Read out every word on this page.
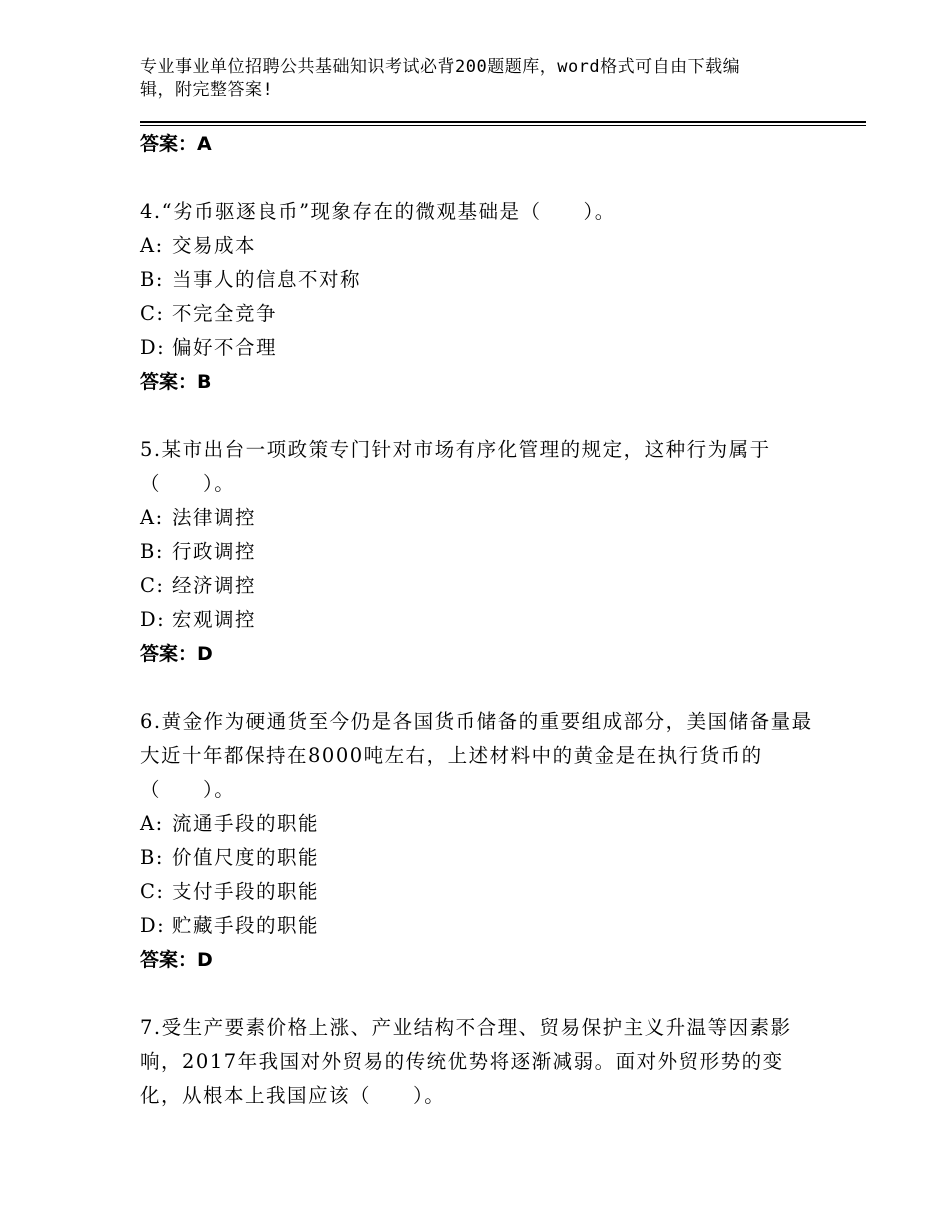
专业事业单位招聘公共基础知识考试必背200题题库，word格式可自由下载编
辑，附完整答案!
答案：A
4.“劣币驱逐良币”现象存在的微观基础是（　　）。
A: 交易成本
B: 当事人的信息不对称
C: 不完全竞争
D: 偏好不合理
答案：B
5.某市出台一项政策专门针对市场有序化管理的规定，这种行为属于（　　）。
A: 法律调控
B: 行政调控
C: 经济调控
D: 宏观调控
答案：D
6.黄金作为硬通货至今仍是各国货币储备的重要组成部分，美国储备量最大近十年都保持在8000吨左右，上述材料中的黄金是在执行货币的（　　）。
A: 流通手段的职能
B: 价值尺度的职能
C: 支付手段的职能
D: 贮藏手段的职能
答案：D
7.受生产要素价格上涨、产业结构不合理、贸易保护主义升温等因素影响，2017年我国对外贸易的传统优势将逐渐减弱。面对外贸形势的变化，从根本上我国应该（　　）。
